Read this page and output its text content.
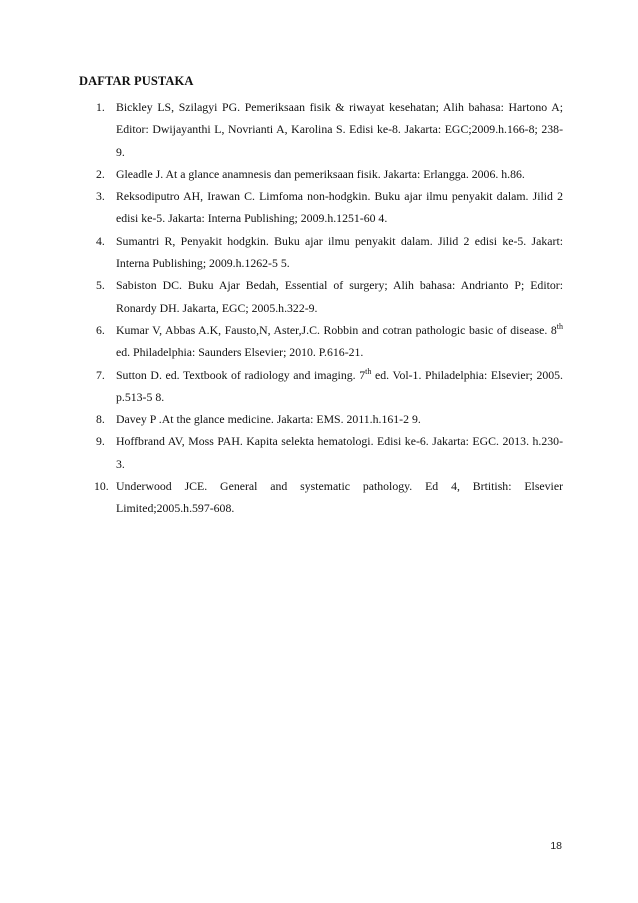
DAFTAR PUSTAKA
1. Bickley LS, Szilagyi PG. Pemeriksaan fisik & riwayat kesehatan; Alih bahasa: Hartono A; Editor: Dwijayanthi L, Novrianti A, Karolina S. Edisi ke-8. Jakarta: EGC;2009.h.166-8; 238-9.
2. Gleadle J. At a glance anamnesis dan pemeriksaan fisik. Jakarta: Erlangga. 2006. h.86.
3. Reksodiputro AH, Irawan C. Limfoma non-hodgkin. Buku ajar ilmu penyakit dalam. Jilid 2 edisi ke-5. Jakarta: Interna Publishing; 2009.h.1251-60 4.
4. Sumantri R, Penyakit hodgkin. Buku ajar ilmu penyakit dalam. Jilid 2 edisi ke-5. Jakart: Interna Publishing; 2009.h.1262-5 5.
5. Sabiston DC. Buku Ajar Bedah, Essential of surgery; Alih bahasa: Andrianto P; Editor: Ronardy DH. Jakarta, EGC; 2005.h.322-9.
6. Kumar V, Abbas A.K, Fausto,N, Aster,J.C. Robbin and cotran pathologic basic of disease. 8th ed. Philadelphia: Saunders Elsevier; 2010. P.616-21.
7. Sutton D. ed. Textbook of radiology and imaging. 7th ed. Vol-1. Philadelphia: Elsevier; 2005. p.513-5 8.
8. Davey P .At the glance medicine. Jakarta: EMS. 2011.h.161-2 9.
9. Hoffbrand AV, Moss PAH. Kapita selekta hematologi. Edisi ke-6. Jakarta: EGC. 2013. h.230-3.
10. Underwood JCE. General and systematic pathology. Ed 4, Brtitish: Elsevier Limited;2005.h.597-608.
18
